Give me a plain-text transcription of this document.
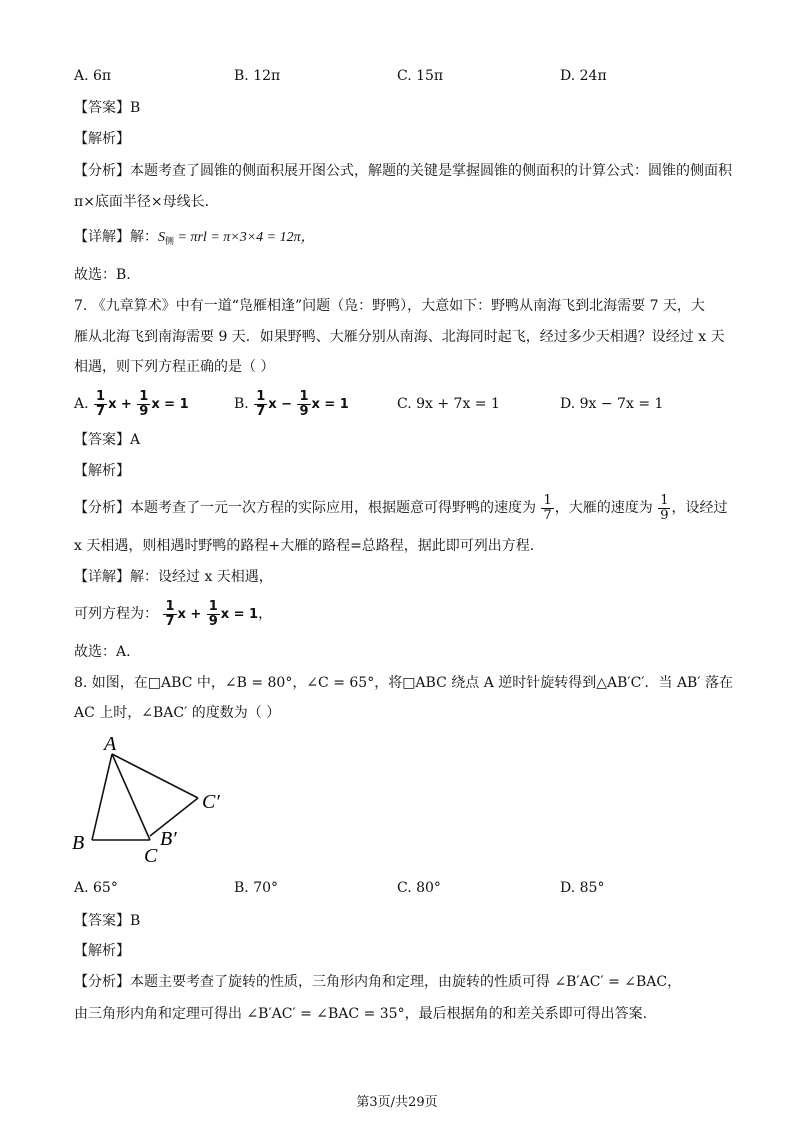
A. 6π	B. 12π	C. 15π	D. 24π
【答案】B
【解析】
【分析】本题考查了圆锥的侧面积展开图公式，解题的关键是掌握圆锥的侧面积的计算公式：圆锥的侧面积
π×底面半径×母线长.
【详解】解：$S_侧 = \pi rl = \pi\times 3\times 4 = 12\pi$，
故选：B.
7. 《九章算术》中有一道“凫雁相逢”问题（凫：野鸭），大意如下：野鸭从南海飞到北海需要 7 天，大
雁从北海飞到南海需要 9 天．如果野鸭、大雁分别从南海、北海同时起飞，经过多少天相遇？设经过 x 天
相遇，则下列方程正确的是（ ）
A. $\frac{1}{7}$ $x + \frac{1}{9}$ x = 1	B. $\frac{1}{7}$ $x - \frac{1}{9}$ x = 1	C. 9x + 7x = 1	D. 9x − 7x = 1
【答案】A
【解析】
【分析】本题考查了一元一次方程的实际应用，根据题意可得野鸭的速度为 $\frac{1}{7}$ ，大雁的速度为 $\frac{1}{9}$ ，设经过
x 天相遇，则相遇时野鸭的路程+大雁的路程=总路程，据此即可列出方程.
【详解】解：设经过 x 天相遇，
可列方程为： $\frac{1}{7}$ $x + \frac{1}{9}$ x = 1，
故选：A.
8. 如图，在□ABC 中，∠B = 80°，∠C = 65°，将□ABC 绕点 A 逆时针旋转得到△AB′C′．当 AB′ 落在
AC 上时，∠BAC′ 的度数为（ ）
A
B
C
B′
C′
A. 65°	B. 70°	C. 80°	D. 85°
【答案】B
【解析】
【分析】本题主要考查了旋转的性质，三角形内角和定理，由旋转的性质可得 ∠B′AC′ = ∠BAC，
由三角形内角和定理可得出 ∠B′AC′ = ∠BAC = 35°，最后根据角的和差关系即可得出答案.
第3页/共29页
